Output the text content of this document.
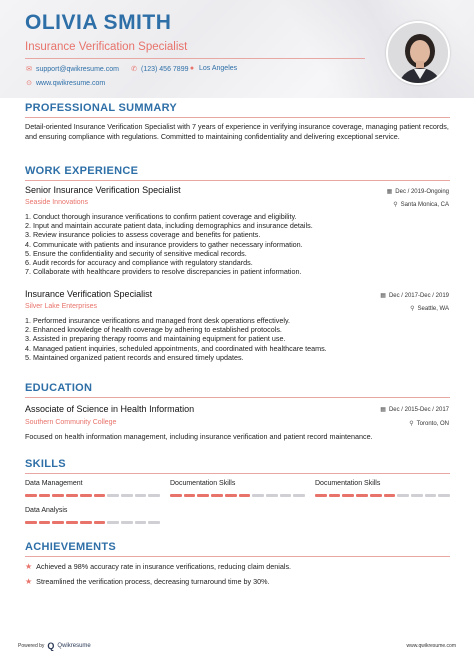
OLIVIA SMITH
Insurance Verification Specialist
✉ support@qwikresume.com ✆ (123) 456 7899 ● Los Angeles
⊙ www.qwikresume.com
PROFESSIONAL SUMMARY
Detail-oriented Insurance Verification Specialist with 7 years of experience in verifying insurance coverage, managing patient records, and ensuring compliance with regulations. Committed to maintaining confidentiality and delivering exceptional service.
WORK EXPERIENCE
Senior Insurance Verification Specialist
Seaside Innovations
▦ Dec / 2019-Ongoing
⚲ Santa Monica, CA
1. Conduct thorough insurance verifications to confirm patient coverage and eligibility.
2. Input and maintain accurate patient data, including demographics and insurance details.
3. Review insurance policies to assess coverage and benefits for patients.
4. Communicate with patients and insurance providers to gather necessary information.
5. Ensure the confidentiality and security of sensitive medical records.
6. Audit records for accuracy and compliance with regulatory standards.
7. Collaborate with healthcare providers to resolve discrepancies in patient information.
Insurance Verification Specialist
Silver Lake Enterprises
▦ Dec / 2017-Dec / 2019
⚲ Seattle, WA
1. Performed insurance verifications and managed front desk operations effectively.
2. Enhanced knowledge of health coverage by adhering to established protocols.
3. Assisted in preparing therapy rooms and maintaining equipment for patient use.
4. Managed patient inquiries, scheduled appointments, and coordinated with healthcare teams.
5. Maintained organized patient records and ensured timely updates.
EDUCATION
Associate of Science in Health Information
Southern Community College
▦ Dec / 2015-Dec / 2017
⚲ Toronto, ON
Focused on health information management, including insurance verification and patient record maintenance.
SKILLS
Data Management	Documentation Skills	Documentation Skills
Data Analysis
ACHIEVEMENTS
★ Achieved a 98% accuracy rate in insurance verifications, reducing claim denials.
★ Streamlined the verification process, decreasing turnaround time by 30%.
Powered by Q Qwikresume	www.qwikresume.com
